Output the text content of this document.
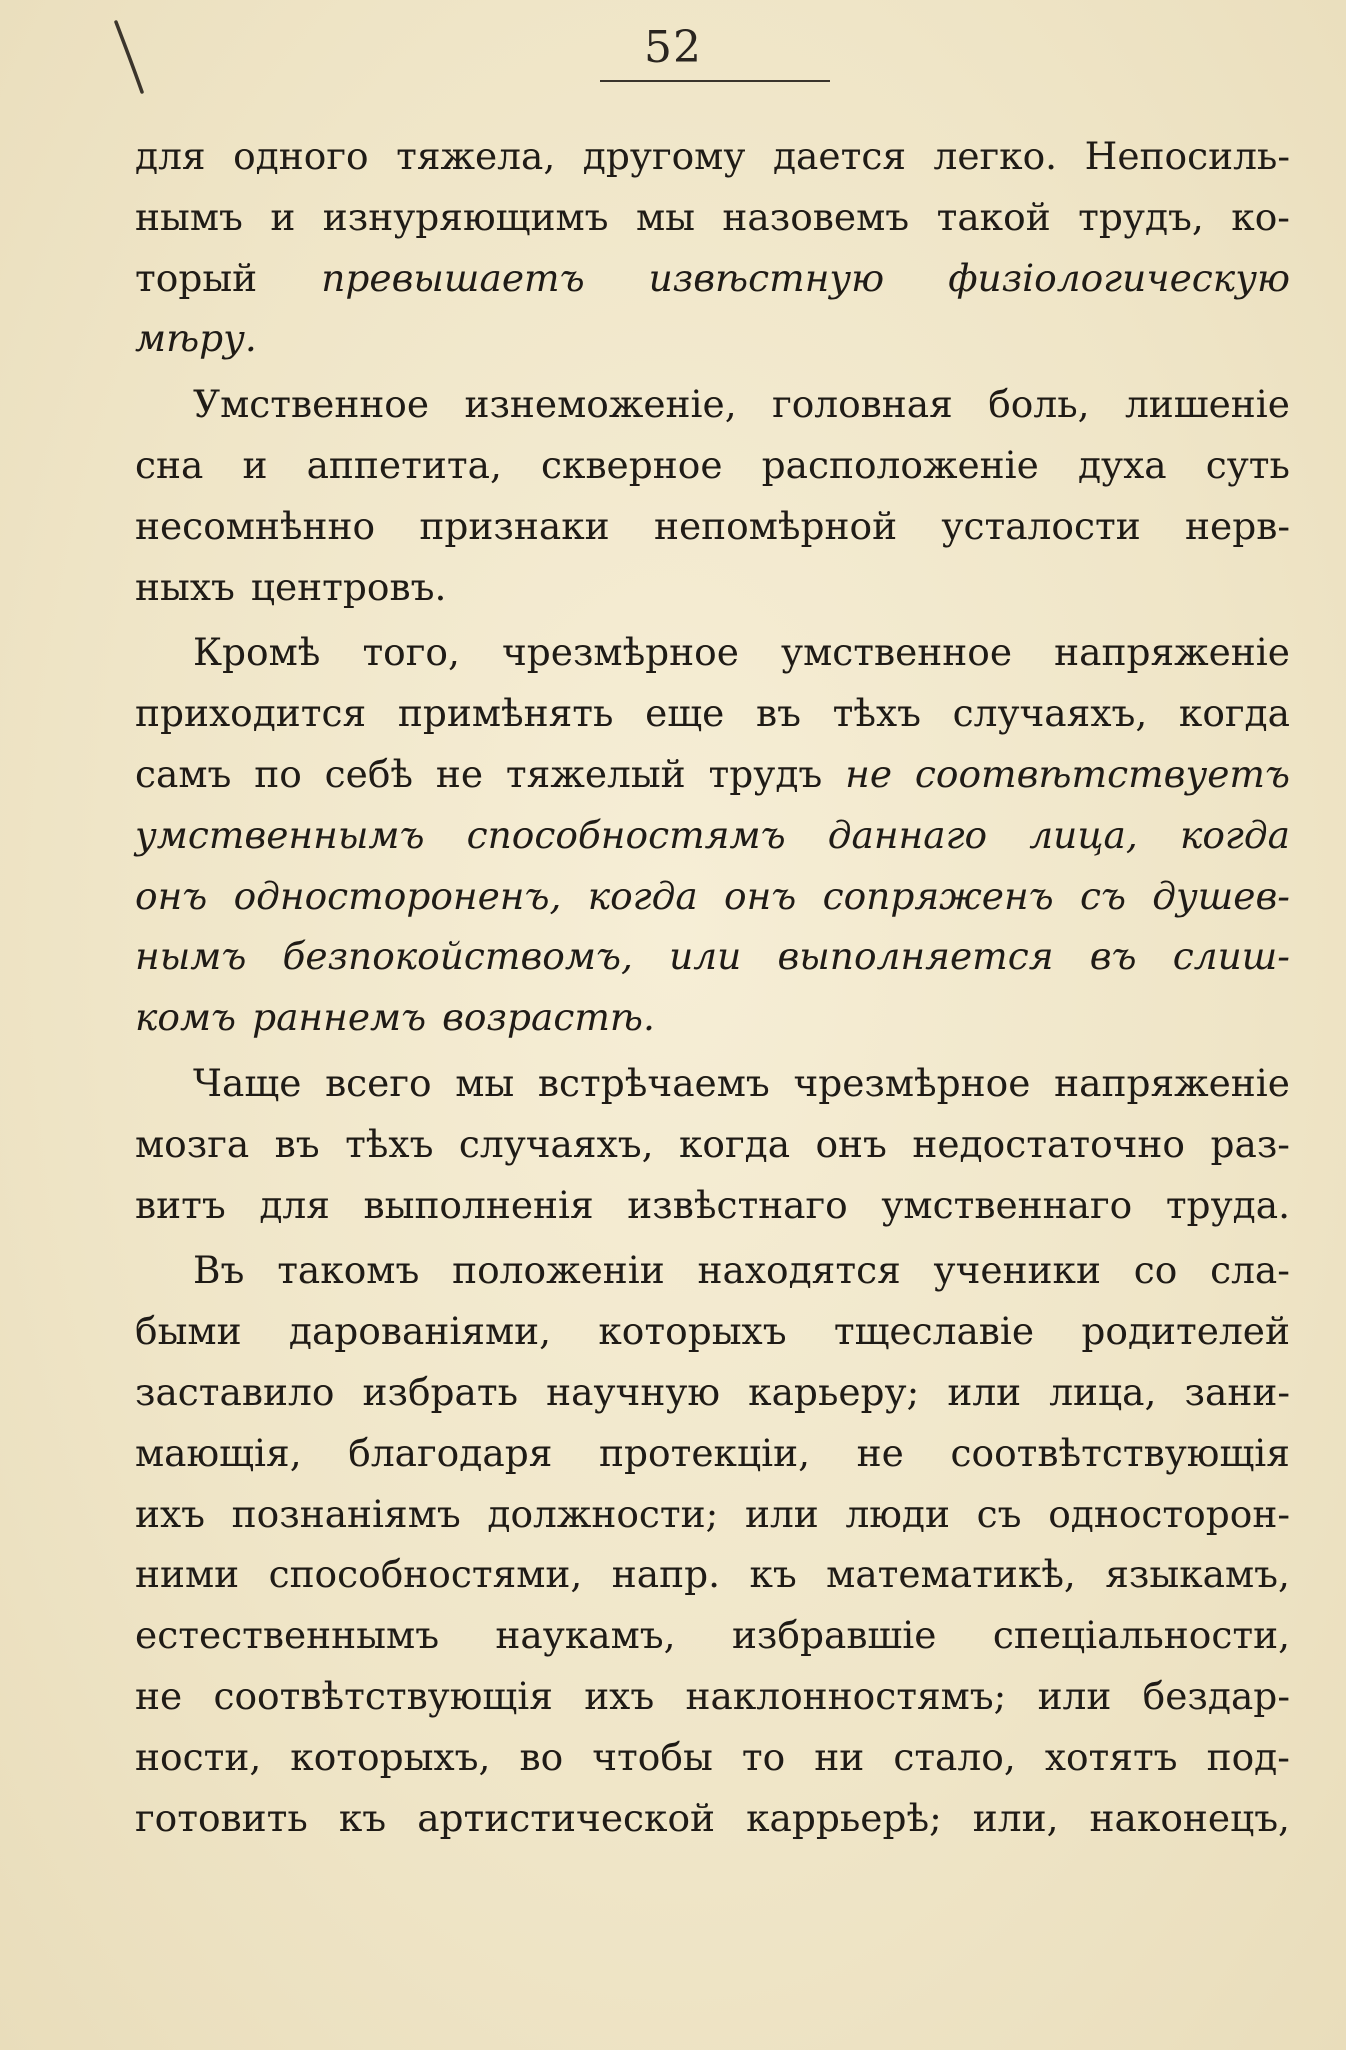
52
для одного тяжела, другому дается легко. Непосиль-
нымъ и изнуряющимъ мы назовемъ такой трудъ, ко-
торый превышаетъ извѣстную физіологическую
мѣру.
Умственное изнеможеніе, головная боль, лишеніе
сна и аппетита, скверное расположеніе духа суть
несомнѣнно признаки непомѣрной усталости нерв-
ныхъ центровъ.
Кромѣ того, чрезмѣрное умственное напряженіе
приходится примѣнять еще въ тѣхъ случаяхъ, когда
самъ по себѣ не тяжелый трудъ не соотвѣтствуетъ
умственнымъ способностямъ даннаго лица, когда
онъ одностороненъ, когда онъ сопряженъ съ душев-
нымъ безпокойствомъ, или выполняется въ слиш-
комъ раннемъ возрастѣ.
Чаще всего мы встрѣчаемъ чрезмѣрное напряженіе
мозга въ тѣхъ случаяхъ, когда онъ недостаточно раз-
витъ для выполненія извѣстнаго умственнаго труда.
Въ такомъ положеніи находятся ученики со сла-
быми дарованіями, которыхъ тщеславіе родителей
заставило избрать научную карьеру; или лица, зани-
мающія, благодаря протекціи, не соотвѣтствующія
ихъ познаніямъ должности; или люди съ односторон-
ними способностями, напр. къ математикѣ, языкамъ,
естественнымъ наукамъ, избравшіе спеціальности,
не соотвѣтствующія ихъ наклонностямъ; или бездар-
ности, которыхъ, во чтобы то ни стало, хотятъ под-
готовить къ артистической каррьерѣ; или, наконецъ,
